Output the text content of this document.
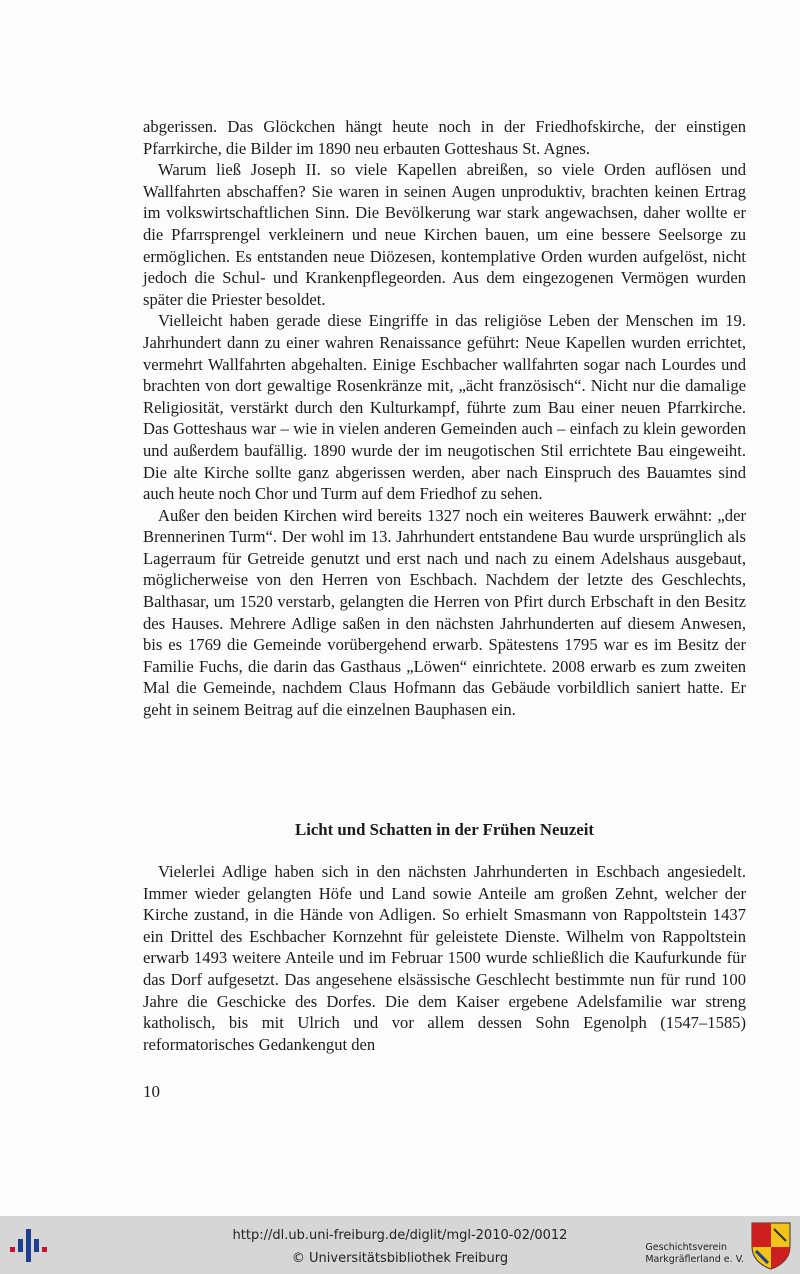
abgerissen. Das Glöckchen hängt heute noch in der Friedhofskirche, der einstigen Pfarrkirche, die Bilder im 1890 neu erbauten Gotteshaus St. Agnes.

Warum ließ Joseph II. so viele Kapellen abreißen, so viele Orden auflösen und Wallfahrten abschaffen? Sie waren in seinen Augen unproduktiv, brachten keinen Ertrag im volkswirtschaftlichen Sinn. Die Bevölkerung war stark angewachsen, daher wollte er die Pfarrsprengel verkleinern und neue Kirchen bauen, um eine bessere Seelsorge zu ermöglichen. Es entstanden neue Diözesen, kontemplative Orden wurden aufgelöst, nicht jedoch die Schul- und Krankenpflegeorden. Aus dem eingezogenen Vermögen wurden später die Priester besoldet.

Vielleicht haben gerade diese Eingriffe in das religiöse Leben der Menschen im 19. Jahrhundert dann zu einer wahren Renaissance geführt: Neue Kapellen wurden errichtet, vermehrt Wallfahrten abgehalten. Einige Eschbacher wallfahrten sogar nach Lourdes und brachten von dort gewaltige Rosenkränze mit, „ächt französisch“. Nicht nur die damalige Religiosität, verstärkt durch den Kulturkampf, führte zum Bau einer neuen Pfarrkirche. Das Gotteshaus war – wie in vielen anderen Gemeinden auch – einfach zu klein geworden und außerdem baufällig. 1890 wurde der im neugotischen Stil errichtete Bau eingeweiht. Die alte Kirche sollte ganz abgerissen werden, aber nach Einspruch des Bauamtes sind auch heute noch Chor und Turm auf dem Friedhof zu sehen.

Außer den beiden Kirchen wird bereits 1327 noch ein weiteres Bauwerk erwähnt: „der Brennerinen Turm“. Der wohl im 13. Jahrhundert entstandene Bau wurde ursprünglich als Lagerraum für Getreide genutzt und erst nach und nach zu einem Adelshaus ausgebaut, möglicherweise von den Herren von Eschbach. Nachdem der letzte des Geschlechts, Balthasar, um 1520 verstarb, gelangten die Herren von Pfirt durch Erbschaft in den Besitz des Hauses. Mehrere Adlige saßen in den nächsten Jahrhunderten auf diesem Anwesen, bis es 1769 die Gemeinde vorübergehend erwarb. Spätestens 1795 war es im Besitz der Familie Fuchs, die darin das Gasthaus „Löwen“ einrichtete. 2008 erwarb es zum zweiten Mal die Gemeinde, nachdem Claus Hofmann das Gebäude vorbildlich saniert hatte. Er geht in seinem Beitrag auf die einzelnen Bauphasen ein.

Licht und Schatten in der Frühen Neuzeit

Vielerlei Adlige haben sich in den nächsten Jahrhunderten in Eschbach angesiedelt. Immer wieder gelangten Höfe und Land sowie Anteile am großen Zehnt, welcher der Kirche zustand, in die Hände von Adligen. So erhielt Smasmann von Rappoltstein 1437 ein Drittel des Eschbacher Kornzehnt für geleistete Dienste. Wilhelm von Rappoltstein erwarb 1493 weitere Anteile und im Februar 1500 wurde schließlich die Kaufurkunde für das Dorf aufgesetzt. Das angesehene elsässische Geschlecht bestimmte nun für rund 100 Jahre die Geschicke des Dorfes. Die dem Kaiser ergebene Adelsfamilie war streng katholisch, bis mit Ulrich und vor allem dessen Sohn Egenolph (1547–1585) reformatorisches Gedankengut den

10
http://dl.ub.uni-freiburg.de/diglit/mgl-2010-02/0012
© Universitätsbibliothek Freiburg
Geschichtsverein
Markgräflerland e. V.
